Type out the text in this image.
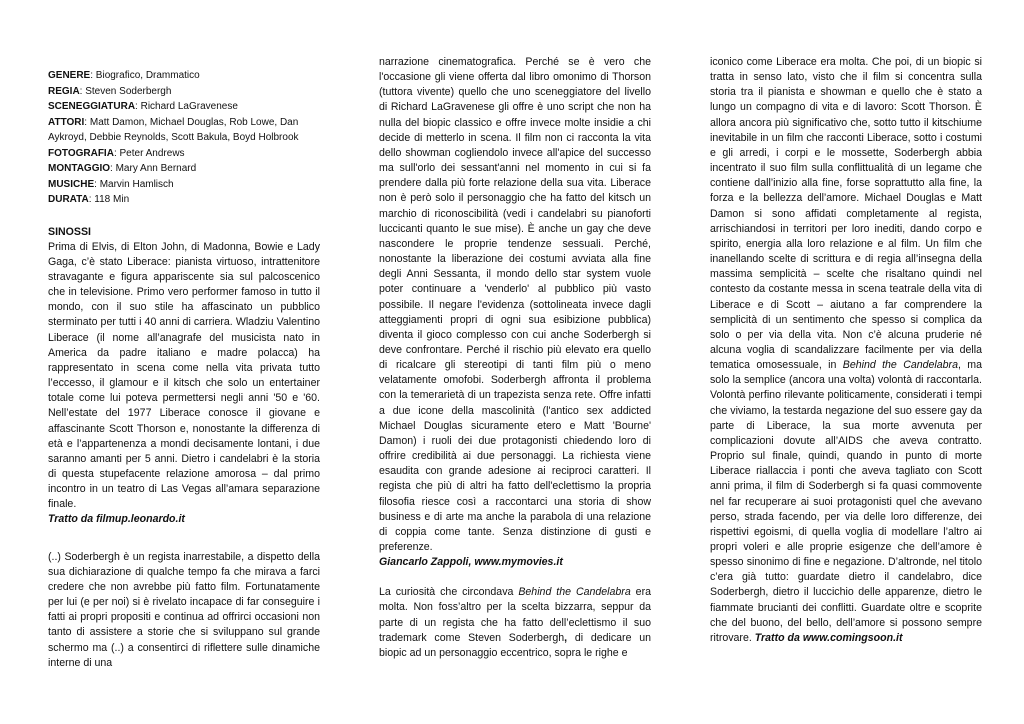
GENERE: Biografico, Drammatico
REGIA: Steven Soderbergh
SCENEGGIATURA: Richard LaGravenese
ATTORI: Matt Damon, Michael Douglas, Rob Lowe, Dan Aykroyd, Debbie Reynolds, Scott Bakula, Boyd Holbrook
FOTOGRAFIA: Peter Andrews
MONTAGGIO: Mary Ann Bernard
MUSICHE: Marvin Hamlisch
DURATA: 118 Min
SINOSSI

Prima di Elvis, di Elton John, di Madonna, Bowie e Lady Gaga, c’è stato Liberace: pianista virtuoso, intrattenitore stravagante e figura appariscente sia sul palcoscenico che in televisione. Primo vero performer famoso in tutto il mondo, con il suo stile ha affascinato un pubblico sterminato per tutti i 40 anni di carriera. Wladziu Valentino Liberace (il nome all’anagrafe del musicista nato in America da padre italiano e madre polacca) ha rappresentato in scena come nella vita privata tutto l’eccesso, il glamour e il kitsch che solo un entertainer totale come lui poteva permettersi negli anni '50 e '60. Nell’estate del 1977 Liberace conosce il giovane e affascinante Scott Thorson e, nonostante la differenza di età e l’appartenenza a mondi decisamente lontani, i due saranno amanti per 5 anni. Dietro i candelabri è la storia di questa stupefacente relazione amorosa – dal primo incontro in un teatro di Las Vegas all’amara separazione finale.

Tratto da filmup.leonardo.it

(..) Soderbergh è un regista inarrestabile, a dispetto della sua dichiarazione di qualche tempo fa che mirava a farci credere che non avrebbe più fatto film. Fortunatamente per lui (e per noi) si è rivelato incapace di far conseguire i fatti ai propri propositi e continua ad offrirci occasioni non tanto di assistere a storie che si sviluppano sul grande schermo ma (..) a consentirci di riflettere sulle dinamiche interne di una

narrazione cinematografica. Perché se è vero che l'occasione gli viene offerta dal libro omonimo di Thorson (tuttora vivente) quello che uno sceneggiatore del livello di Richard LaGravenese gli offre è uno script che non ha nulla del biopic classico e offre invece molte insidie a chi decide di metterlo in scena. Il film non ci racconta la vita dello showman cogliendolo invece all'apice del successo ma sull'orlo dei sessant'anni nel momento in cui si fa prendere dalla più forte relazione della sua vita. Liberace non è però solo il personaggio che ha fatto del kitsch un marchio di riconoscibilità (vedi i candelabri su pianoforti luccicanti quanto le sue mise). È anche un gay che deve nascondere le proprie tendenze sessuali. Perché, nonostante la liberazione dei costumi avviata alla fine degli Anni Sessanta, il mondo dello star system vuole poter continuare a 'venderlo' al pubblico più vasto possibile. Il negare l'evidenza (sottolineata invece dagli atteggiamenti propri di ogni sua esibizione pubblica) diventa il gioco complesso con cui anche Soderbergh si deve confrontare. Perché il rischio più elevato era quello di ricalcare gli stereotipi di tanti film più o meno velatamente omofobi. Soderbergh affronta il problema con la temerarietà di un trapezista senza rete. Offre infatti a due icone della mascolinità (l'antico sex addicted Michael Douglas sicuramente etero e Matt 'Bourne' Damon) i ruoli dei due protagonisti chiedendo loro di offrire credibilità ai due personaggi. La richiesta viene esaudita con grande adesione ai reciproci caratteri. Il regista che più di altri ha fatto dell'eclettismo la propria filosofia riesce così a raccontarci una storia di show business e di arte ma anche la parabola di una relazione di coppia come tante. Senza distinzione di gusti e preferenze.

Giancarlo Zappoli, www.mymovies.it

La curiosità che circondava Behind the Candelabra era molta. Non foss’altro per la scelta bizzarra, seppur da parte di un regista che ha fatto dell’eclettismo il suo trademark come Steven Soderbergh, di dedicare un biopic ad un personaggio eccentrico, sopra le righe e

iconico come Liberace era molta. Che poi, di un biopic si tratta in senso lato, visto che il film si concentra sulla storia tra il pianista e showman e quello che è stato a lungo un compagno di vita e di lavoro: Scott Thorson. È allora ancora più significativo che, sotto tutto il kitschiume inevitabile in un film che racconti Liberace, sotto i costumi e gli arredi, i corpi e le mossette, Soderbergh abbia incentrato il suo film sulla conflittualità di un legame che contiene dall’inizio alla fine, forse soprattutto alla fine, la forza e la bellezza dell’amore. Michael Douglas e Matt Damon si sono affidati completamente al regista, arrischiandosi in territori per loro inediti, dando corpo e spirito, energia alla loro relazione e al film. Un film che inanellando scelte di scrittura e di regia all’insegna della massima semplicità – scelte che risaltano quindi nel contesto da costante messa in scena teatrale della vita di Liberace e di Scott – aiutano a far comprendere la semplicità di un sentimento che spesso si complica da solo o per via della vita. Non c’è alcuna pruderie né alcuna voglia di scandalizzare facilmente per via della tematica omosessuale, in Behind the Candelabra, ma solo la semplice (ancora una volta) volontà di raccontarla. Volontà perfino rilevante politicamente, considerati i tempi che viviamo, la testarda negazione del suo essere gay da parte di Liberace, la sua morte avvenuta per complicazioni dovute all’AIDS che aveva contratto. Proprio sul finale, quindi, quando in punto di morte Liberace riallaccia i ponti che aveva tagliato con Scott anni prima, il film di Soderbergh si fa quasi commovente nel far recuperare ai suoi protagonisti quel che avevano perso, strada facendo, per via delle loro differenze, dei rispettivi egoismi, di quella voglia di modellare l’altro ai propri voleri e alle proprie esigenze che dell’amore è spesso sinonimo di fine e negazione. D’altronde, nel titolo c’era già tutto: guardate dietro il candelabro, dice Soderbergh, dietro il luccichio delle apparenze, dietro le fiammate brucianti dei conflitti. Guardate oltre e scoprite che del buono, del bello, dell’amore si possono sempre ritrovare. Tratto da www.comingsoon.it
